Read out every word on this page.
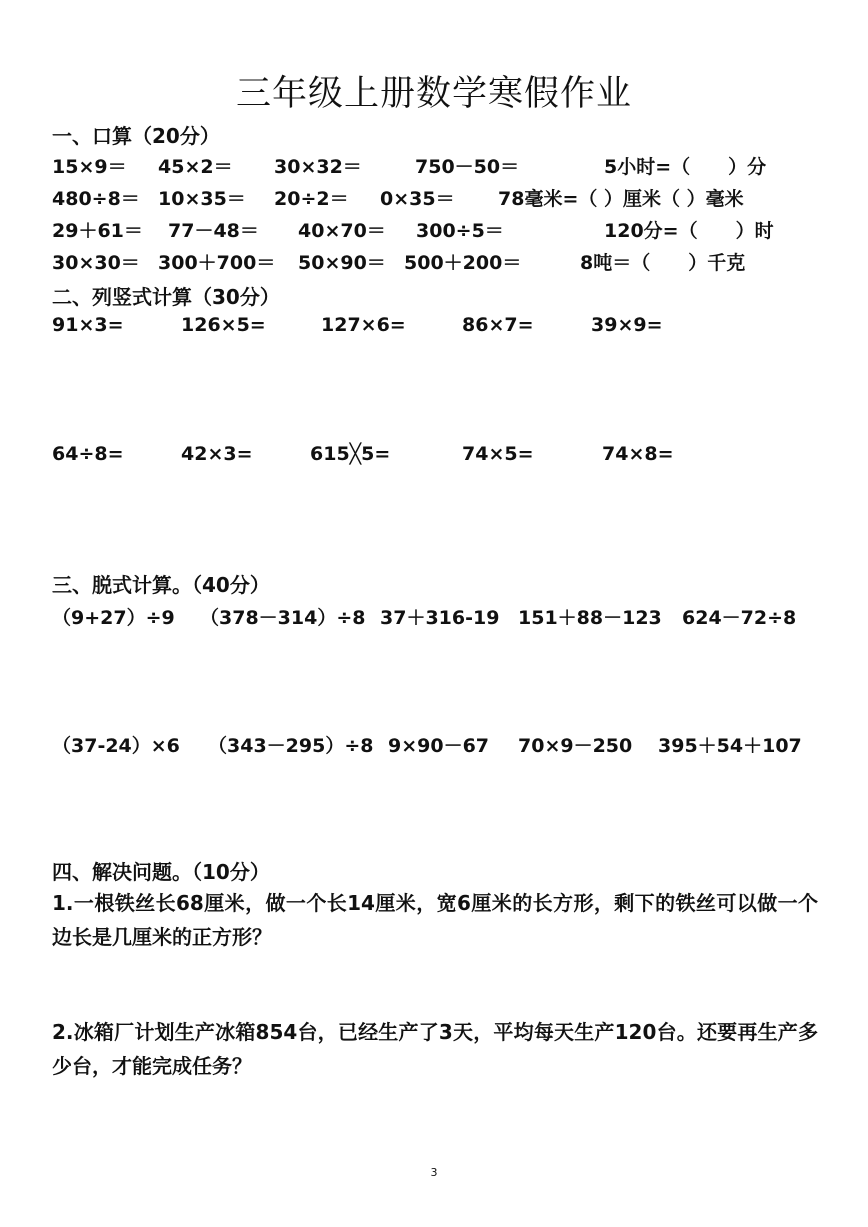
三年级上册数学寒假作业
一、口算（20分）
15×9＝ 45×2＝ 30×32＝	750－50＝	5小时=（　　）分
480÷8＝ 10×35＝ 20÷2＝ 0×35＝ 78毫米=（ ）厘米（ ）毫米
29＋61＝ 77－48＝ 40×70＝ 300÷5＝	120分=（　　）时
30×30＝ 300＋700＝ 50×90＝ 500＋200＝	8吨＝（　　）千克
二、列竖式计算（30分）
91×3=	126×5=	127×6=	86×7=	39×9=
64÷8=	42×3=	615╳5=	74×5=	74×8=
三、脱式计算。（40分）
（9+27）÷9 （378－314）÷8 37＋316-19 151＋88－123 624－72÷8
（37-24）×6 （343－295）÷8 9×90－67 70×9－250 395＋54＋107
四、解决问题。（10分）
1.一根铁丝长68厘米，做一个长14厘米，宽6厘米的长方形，剩下的铁丝可以做一个边长是几厘米的正方形？
2.冰箱厂计划生产冰箱854台，已经生产了3天，平均每天生产120台。还要再生产多少台，才能完成任务？
3
